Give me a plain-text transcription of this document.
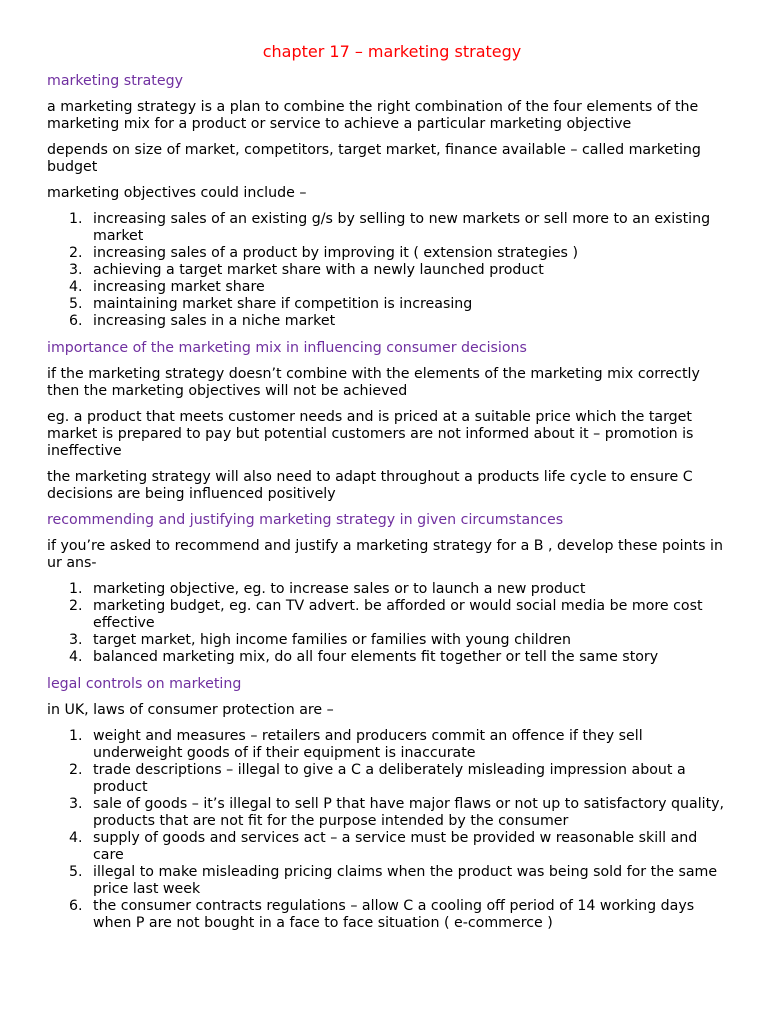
chapter 17 – marketing strategy
marketing strategy

a marketing strategy is a plan to combine the right combination of the four elements of the marketing mix for a product or service to achieve a particular marketing objective

depends on size of market, competitors, target market, finance available – called marketing budget

marketing objectives could include –

1. increasing sales of an existing g/s by selling to new markets or sell more to an existing market
2. increasing sales of a product by improving it ( extension strategies )
3. achieving a target market share with a newly launched product
4. increasing market share
5. maintaining market share if competition is increasing
6. increasing sales in a niche market
importance of the marketing mix in influencing consumer decisions

if the marketing strategy doesn’t combine with the elements of the marketing mix correctly then the marketing objectives will not be achieved

eg. a product that meets customer needs and is priced at a suitable price which the target market is prepared to pay but potential customers are not informed about it – promotion is ineffective

the marketing strategy will also need to adapt throughout a products life cycle to ensure C decisions are being influenced positively

recommending and justifying marketing strategy in given circumstances

if you’re asked to recommend and justify a marketing strategy for a B , develop these points in ur ans-

1. marketing objective, eg. to increase sales or to launch a new product
2. marketing budget, eg. can TV advert. be afforded or would social media be more cost effective
3. target market, high income families or families with young children
4. balanced marketing mix, do all four elements fit together or tell the same story
legal controls on marketing

in UK, laws of consumer protection are –

1. weight and measures – retailers and producers commit an offence if they sell underweight goods of if their equipment is inaccurate
2. trade descriptions – illegal to give a C a deliberately misleading impression about a product
3. sale of goods – it’s illegal to sell P that have major flaws or not up to satisfactory quality, products that are not fit for the purpose intended by the consumer
4. supply of goods and services act – a service must be provided w reasonable skill and care
5. illegal to make misleading pricing claims when the product was being sold for the same price last week
6. the consumer contracts regulations – allow C a cooling off period of 14 working days when P are not bought in a face to face situation ( e-commerce )
